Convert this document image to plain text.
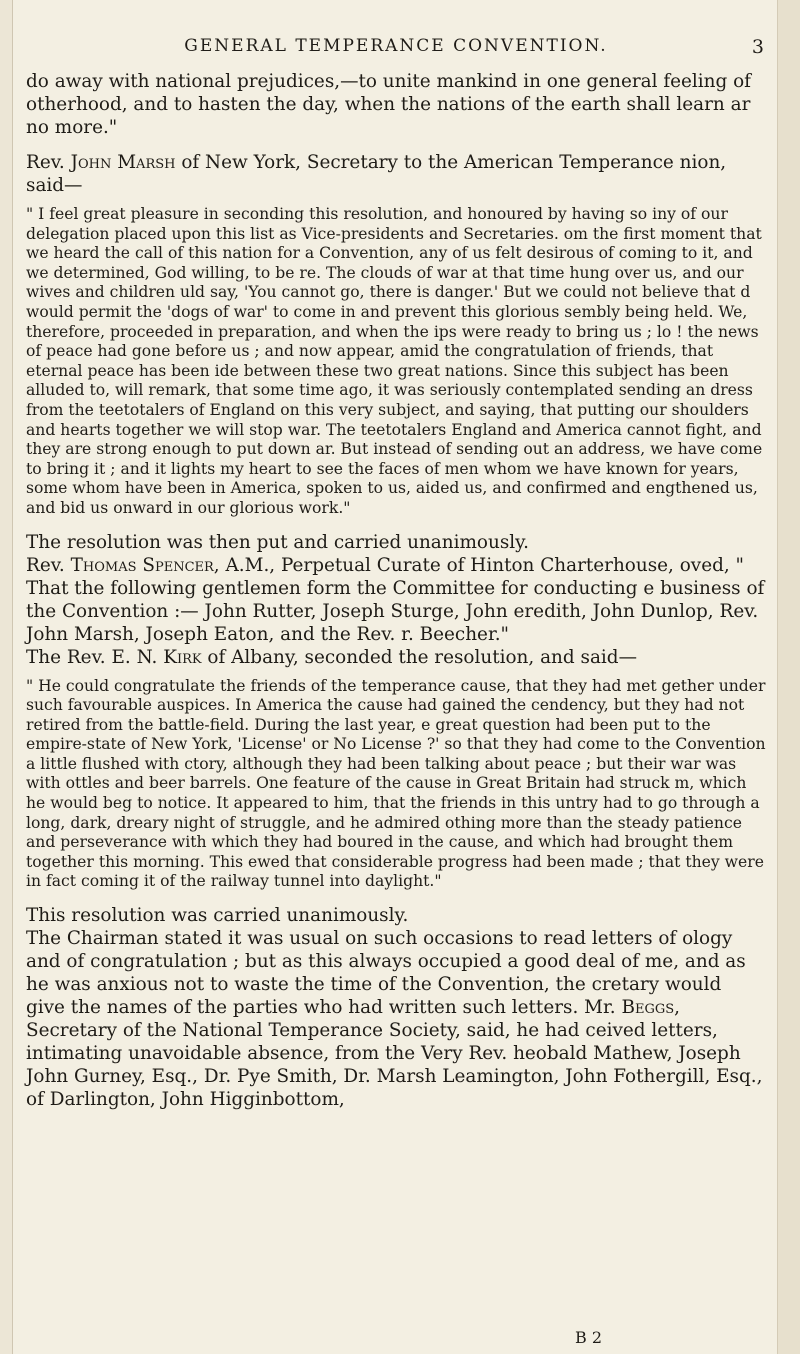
GENERAL TEMPERANCE CONVENTION.	3

do away with national prejudices,—to unite mankind in one general feeling of otherhood, and to hasten the day, when the nations of the earth shall learn ar no more."

Rev. John Marsh of New York, Secretary to the American Temperance nion, said—

" I feel great pleasure in seconding this resolution, and honoured by having so iny of our delegation placed upon this list as Vice-presidents and Secretaries. om the first moment that we heard the call of this nation for a Convention, any of us felt desirous of coming to it, and we determined, God willing, to be re. The clouds of war at that time hung over us, and our wives and children uld say, 'You cannot go, there is danger.' But we could not believe that d would permit the 'dogs of war' to come in and prevent this glorious sembly being held. We, therefore, proceeded in preparation, and when the ips were ready to bring us ; lo ! the news of peace had gone before us ; and now appear, amid the congratulation of friends, that eternal peace has been ide between these two great nations. Since this subject has been alluded to, will remark, that some time ago, it was seriously contemplated sending an dress from the teetotalers of England on this very subject, and saying, that putting our shoulders and hearts together we will stop war. The teetotalers England and America cannot fight, and they are strong enough to put down ar. But instead of sending out an address, we have come to bring it ; and it lights my heart to see the faces of men whom we have known for years, some whom have been in America, spoken to us, aided us, and confirmed and engthened us, and bid us onward in our glorious work."

The resolution was then put and carried unanimously.

Rev. Thomas Spencer, A.M., Perpetual Curate of Hinton Charterhouse, oved, " That the following gentlemen form the Committee for conducting e business of the Convention :— John Rutter, Joseph Sturge, John eredith, John Dunlop, Rev. John Marsh, Joseph Eaton, and the Rev. r. Beecher."

The Rev. E. N. Kirk of Albany, seconded the resolution, and said—

" He could congratulate the friends of the temperance cause, that they had met gether under such favourable auspices. In America the cause had gained the cendency, but they had not retired from the battle-field. During the last year, e great question had been put to the empire-state of New York, 'License' or No License ?' so that they had come to the Convention a little flushed with ctory, although they had been talking about peace ; but their war was with ottles and beer barrels. One feature of the cause in Great Britain had struck m, which he would beg to notice. It appeared to him, that the friends in this untry had to go through a long, dark, dreary night of struggle, and he admired othing more than the steady patience and perseverance with which they had boured in the cause, and which had brought them together this morning. This ewed that considerable progress had been made ; that they were in fact coming it of the railway tunnel into daylight."

This resolution was carried unanimously.

The Chairman stated it was usual on such occasions to read letters of ology and of congratulation ; but as this always occupied a good deal of me, and as he was anxious not to waste the time of the Convention, the cretary would give the names of the parties who had written such letters. Mr. Beggs, Secretary of the National Temperance Society, said, he had ceived letters, intimating unavoidable absence, from the Very Rev. heobald Mathew, Joseph John Gurney, Esq., Dr. Pye Smith, Dr. Marsh Leamington, John Fothergill, Esq., of Darlington, John Higginbottom,

B 2
